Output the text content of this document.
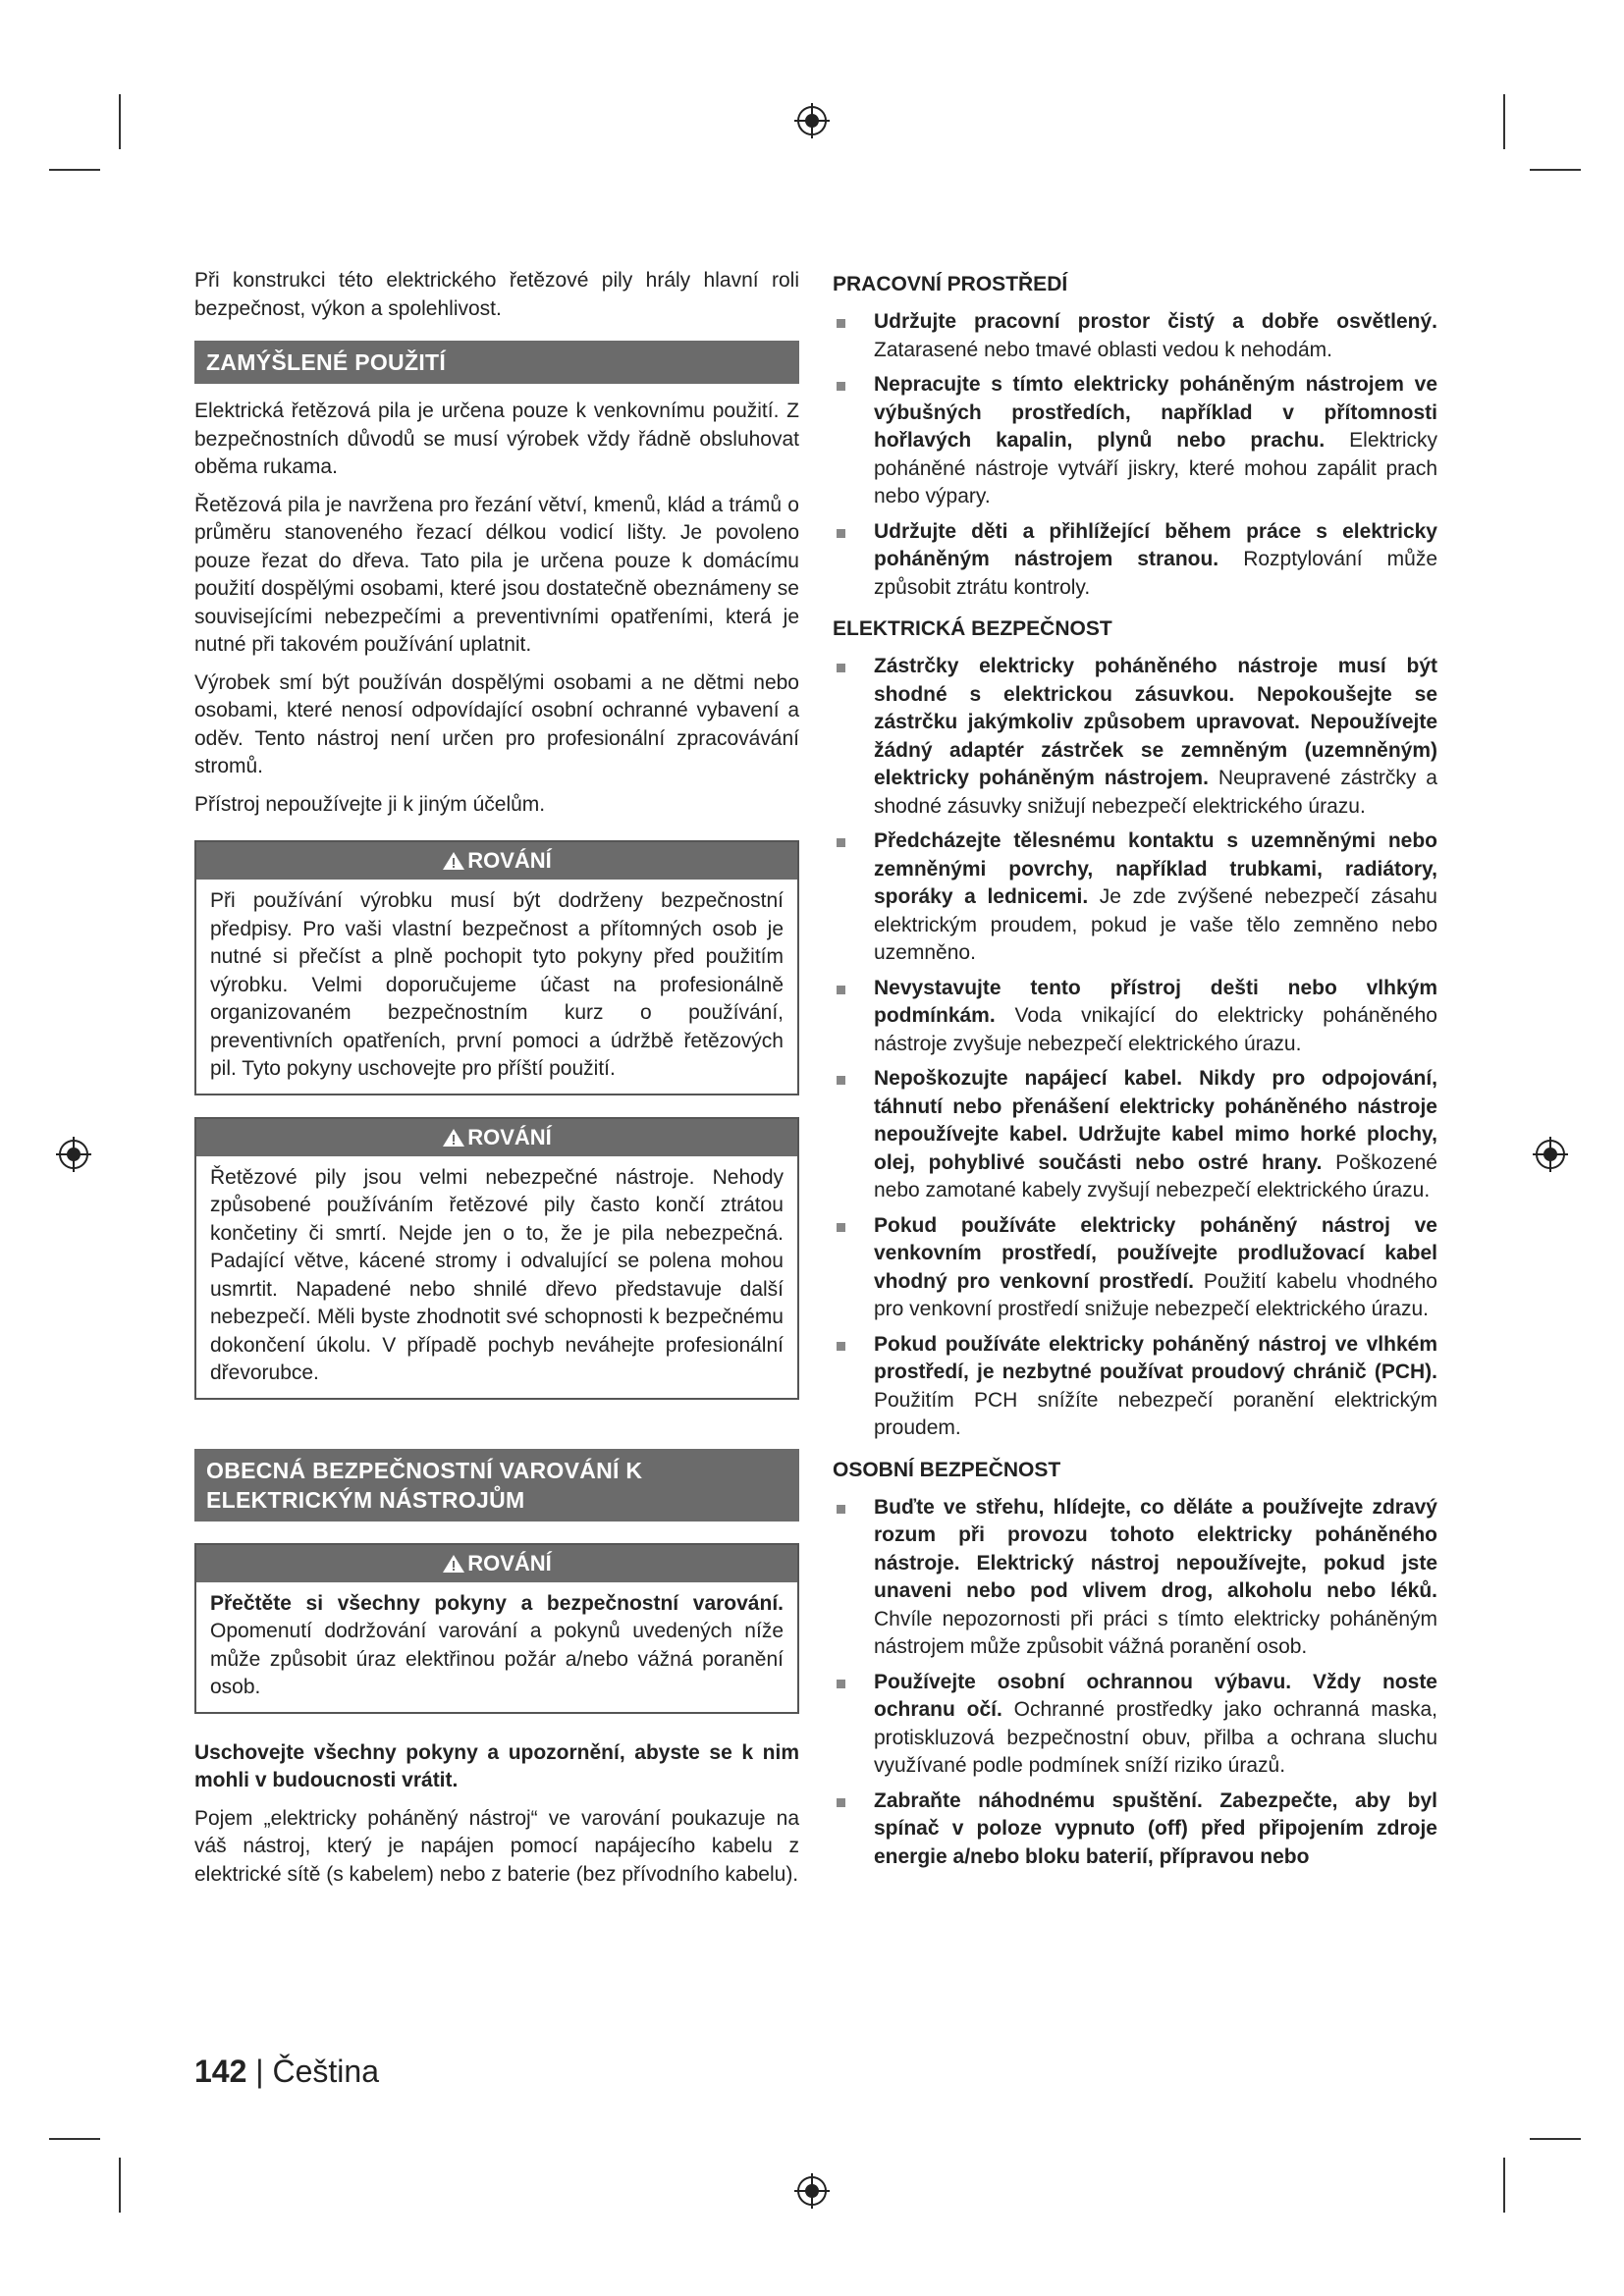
Při konstrukci této elektrického řetězové pily hrály hlavní roli bezpečnost, výkon a spolehlivost.

ZAMÝŠLENÉ POUŽITÍ

Elektrická řetězová pila je určena pouze k venkovnímu použití. Z bezpečnostních důvodů se musí výrobek vždy řádně obsluhovat oběma rukama.

Řetězová pila je navržena pro řezání větví, kmenů, klád a trámů o průměru stanoveného řezací délkou vodicí lišty. Je povoleno pouze řezat do dřeva. Tato pila je určena pouze k domácímu použití dospělými osobami, které jsou dostatečně obeznámeny se souvisejícími nebezpečími a preventivními opatřeními, která je nutné při takovém používání uplatnit.

Výrobek smí být používán dospělými osobami a ne dětmi nebo osobami, které nenosí odpovídající osobní ochranné vybavení a oděv. Tento nástroj není určen pro profesionální zpracovávání stromů.

Přístroj nepoužívejte ji k jiným účelům.

ROVÁNÍ

Při používání výrobku musí být dodrženy bezpečnostní předpisy. Pro vaši vlastní bezpečnost a přítomných osob je nutné si přečíst a plně pochopit tyto pokyny před použitím výrobku. Velmi doporučujeme účast na profesionálně organizovaném bezpečnostním kurz o používání, preventivních opatřeních, první pomoci a údržbě řetězových pil. Tyto pokyny uschovejte pro příští použití.

ROVÁNÍ

Řetězové pily jsou velmi nebezpečné nástroje. Nehody způsobené používáním řetězové pily často končí ztrátou končetiny či smrtí. Nejde jen o to, že je pila nebezpečná. Padající větve, kácené stromy i odvalující se polena mohou usmrtit. Napadené nebo shnilé dřevo představuje další nebezpečí. Měli byste zhodnotit své schopnosti k bezpečnému dokončení úkolu. V případě pochyb neváhejte profesionální dřevorubce.

OBECNÁ BEZPEČNOSTNÍ VAROVÁNÍ K
ELEKTRICKÝM NÁSTROJŮM
ROVÁNÍ

Přečtěte si všechny pokyny a bezpečnostní varování. Opomenutí dodržování varování a pokynů uvedených níže může způsobit úraz elektřinou požár a/nebo vážná poranění osob.

Uschovejte všechny pokyny a upozornění, abyste se k nim mohli v budoucnosti vrátit.

Pojem „elektricky poháněný nástroj“ ve varování poukazuje na váš nástroj, který je napájen pomocí napájecího kabelu z elektrické sítě (s kabelem) nebo z baterie (bez přívodního kabelu).

PRACOVNÍ PROSTŘEDÍ
Udržujte pracovní prostor čistý a dobře osvětlený. Zatarasené nebo tmavé oblasti vedou k nehodám.
Nepracujte s tímto elektricky poháněným nástrojem ve výbušných prostředích, například v přítomnosti hořlavých kapalin, plynů nebo prachu. Elektricky poháněné nástroje vytváří jiskry, které mohou zapálit prach nebo výpary.
Udržujte děti a přihlížející během práce s elektricky poháněným nástrojem stranou. Rozptylování může způsobit ztrátu kontroly.
ELEKTRICKÁ BEZPEČNOST
Zástrčky elektricky poháněného nástroje musí být shodné s elektrickou zásuvkou. Nepokoušejte se zástrčku jakýmkoliv způsobem upravovat. Nepoužívejte žádný adaptér zástrček se zemněným (uzemněným) elektricky poháněným nástrojem. Neupravené zástrčky a shodné zásuvky snižují nebezpečí elektrického úrazu.
Předcházejte tělesnému kontaktu s uzemněnými nebo zemněnými povrchy, například trubkami, radiátory, sporáky a lednicemi. Je zde zvýšené nebezpečí zásahu elektrickým proudem, pokud je vaše tělo zemněno nebo uzemněno.
Nevystavujte tento přístroj dešti nebo vlhkým podmínkám. Voda vnikající do elektricky poháněného nástroje zvyšuje nebezpečí elektrického úrazu.
Nepoškozujte napájecí kabel. Nikdy pro odpojování, táhnutí nebo přenášení elektricky poháněného nástroje nepoužívejte kabel. Udržujte kabel mimo horké plochy, olej, pohyblivé součásti nebo ostré hrany. Poškozené nebo zamotané kabely zvyšují nebezpečí elektrického úrazu.
Pokud používáte elektricky poháněný nástroj ve venkovním prostředí, používejte prodlužovací kabel vhodný pro venkovní prostředí. Použití kabelu vhodného pro venkovní prostředí snižuje nebezpečí elektrického úrazu.
Pokud používáte elektricky poháněný nástroj ve vlhkém prostředí, je nezbytné používat proudový chránič (PCH). Použitím PCH snížíte nebezpečí poranění elektrickým proudem.
OSOBNÍ BEZPEČNOST
Buďte ve střehu, hlídejte, co děláte a používejte zdravý rozum při provozu tohoto elektricky poháněného nástroje. Elektrický nástroj nepoužívejte, pokud jste unaveni nebo pod vlivem drog, alkoholu nebo léků. Chvíle nepozornosti při práci s tímto elektricky poháněným nástrojem může způsobit vážná poranění osob.
Používejte osobní ochrannou výbavu. Vždy noste ochranu očí. Ochranné prostředky jako ochranná maska, protiskluzová bezpečnostní obuv, přilba a ochrana sluchu využívané podle podmínek sníží riziko úrazů.
Zabraňte náhodnému spuštění. Zabezpečte, aby byl spínač v poloze vypnuto (off) před připojením zdroje energie a/nebo bloku baterií, přípravou nebo
142 | Čeština
